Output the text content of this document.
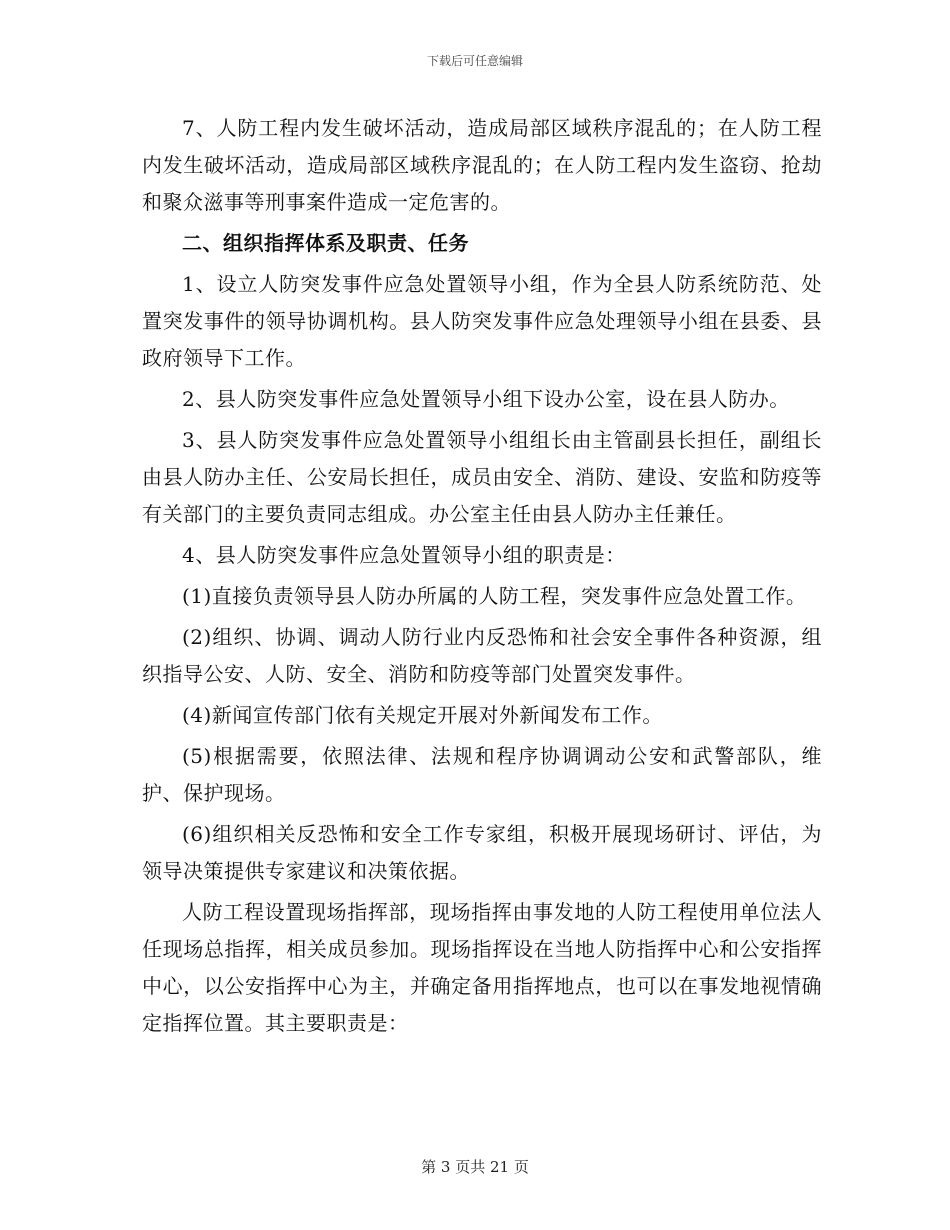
下载后可任意编辑

7、人防工程内发生破坏活动，造成局部区域秩序混乱的；在人防工程内发生破坏活动，造成局部区域秩序混乱的；在人防工程内发生盗窃、抢劫和聚众滋事等刑事案件造成一定危害的。

二、组织指挥体系及职责、任务

1、设立人防突发事件应急处置领导小组，作为全县人防系统防范、处置突发事件的领导协调机构。县人防突发事件应急处理领导小组在县委、县政府领导下工作。

2、县人防突发事件应急处置领导小组下设办公室，设在县人防办。

3、县人防突发事件应急处置领导小组组长由主管副县长担任，副组长由县人防办主任、公安局长担任，成员由安全、消防、建设、安监和防疫等有关部门的主要负责同志组成。办公室主任由县人防办主任兼任。

4、县人防突发事件应急处置领导小组的职责是：

(1)直接负责领导县人防办所属的人防工程，突发事件应急处置工作。

(2)组织、协调、调动人防行业内反恐怖和社会安全事件各种资源，组织指导公安、人防、安全、消防和防疫等部门处置突发事件。

(4)新闻宣传部门依有关规定开展对外新闻发布工作。

(5)根据需要，依照法律、法规和程序协调调动公安和武警部队，维护、保护现场。

(6)组织相关反恐怖和安全工作专家组，积极开展现场研讨、评估，为领导决策提供专家建议和决策依据。

人防工程设置现场指挥部，现场指挥由事发地的人防工程使用单位法人任现场总指挥，相关成员参加。现场指挥设在当地人防指挥中心和公安指挥中心，以公安指挥中心为主，并确定备用指挥地点，也可以在事发地视情确定指挥位置。其主要职责是：

第 3 页共 21 页
